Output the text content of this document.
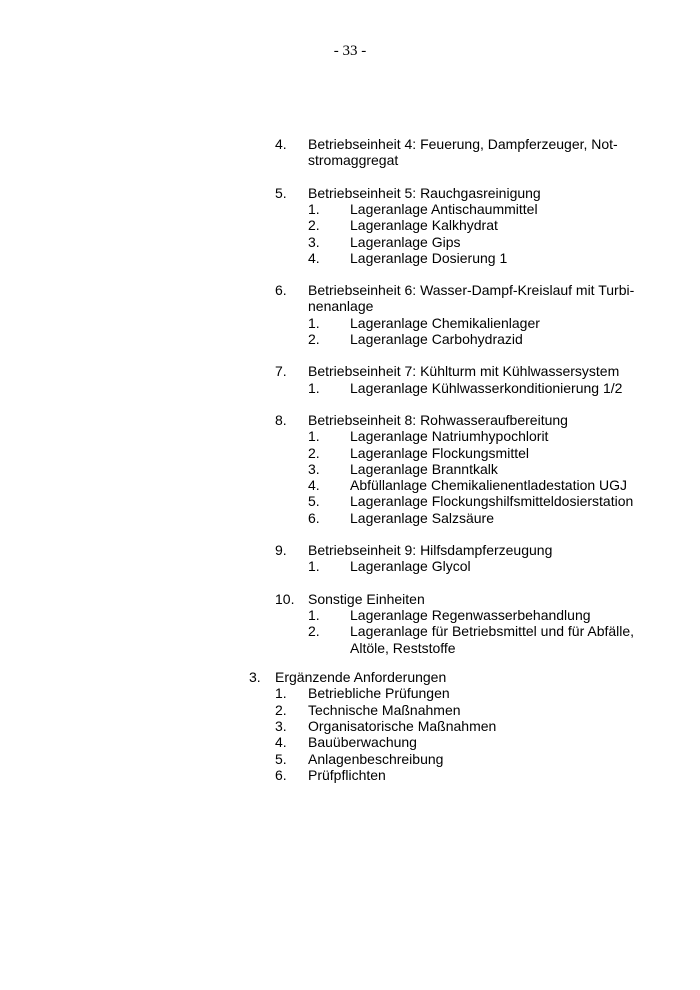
- 33 -
4. Betriebseinheit 4: Feuerung, Dampferzeuger, Not-
stromaggregat
5. Betriebseinheit 5: Rauchgasreinigung
1. Lageranlage Antischaummittel
2. Lageranlage Kalkhydrat
3. Lageranlage Gips
4. Lageranlage Dosierung 1
6. Betriebseinheit 6: Wasser-Dampf-Kreislauf mit Turbi-
nenanlage
1. Lageranlage Chemikalienlager
2. Lageranlage Carbohydrazid
7. Betriebseinheit 7: Kühlturm mit Kühlwassersystem
1. Lageranlage Kühlwasserkonditionierung 1/2
8. Betriebseinheit 8: Rohwasseraufbereitung
1. Lageranlage Natriumhypochlorit
2. Lageranlage Flockungsmittel
3. Lageranlage Branntkalk
4. Abfüllanlage Chemikalienentladestation UGJ
5. Lageranlage Flockungshilfsmitteldosierstation
6. Lageranlage Salzsäure
9. Betriebseinheit 9: Hilfsdampferzeugung
1. Lageranlage Glycol
10. Sonstige Einheiten
1. Lageranlage Regenwasserbehandlung
2. Lageranlage für Betriebsmittel und für Abfälle,
Altöle, Reststoffe
3. Ergänzende Anforderungen
1. Betriebliche Prüfungen
2. Technische Maßnahmen
3. Organisatorische Maßnahmen
4. Bauüberwachung
5. Anlagenbeschreibung
6. Prüfpflichten
